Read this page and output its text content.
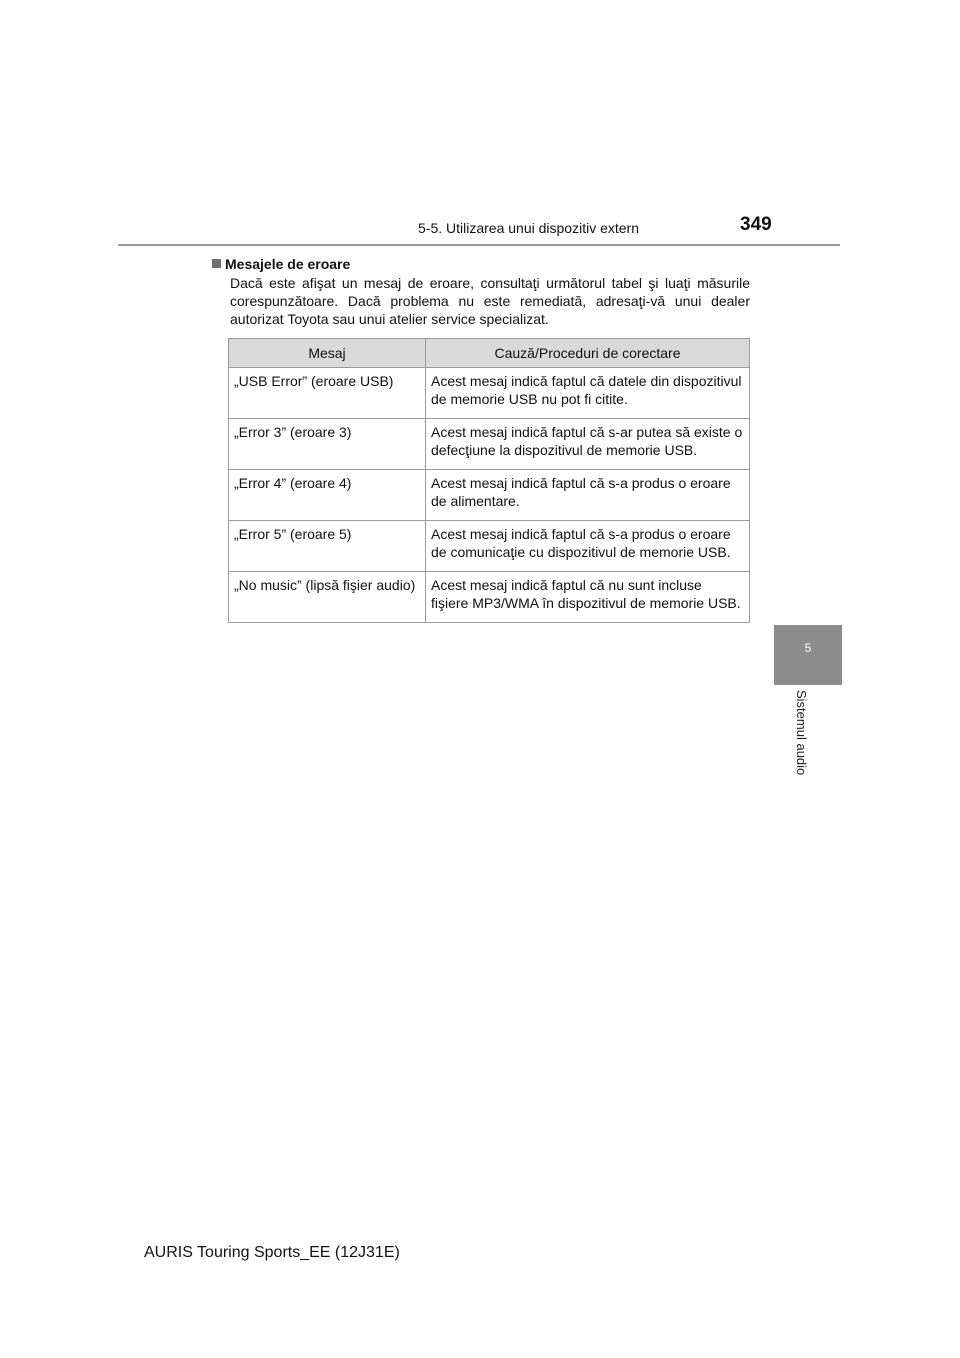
5-5. Utilizarea unui dispozitiv extern	349
5
Sistemul audio
Mesajele de eroare

Dacă este afişat un mesaj de eroare, consultaţi următorul tabel şi luaţi măsurile corespunzătoare. Dacă problema nu este remediată, adresaţi-vă unui dealer autorizat Toyota sau unui atelier service specializat.

Mesaj	Cauză/Proceduri de corectare
„USB Error” (eroare USB)	Acest mesaj indică faptul că datele din dispozitivul de memorie USB nu pot fi citite.
„Error 3” (eroare 3)	Acest mesaj indică faptul că s-ar putea să existe o defecţiune la dispozitivul de memorie USB.
„Error 4” (eroare 4)	Acest mesaj indică faptul că s-a produs o eroare de alimentare.
„Error 5” (eroare 5)	Acest mesaj indică faptul că s-a produs o eroare de comunicaţie cu dispozitivul de memorie USB.
„No music” (lipsă fişier audio)	Acest mesaj indică faptul că nu sunt incluse fişiere MP3/WMA în dispozitivul de memorie USB.
AURIS Touring Sports_EE (12J31E)
